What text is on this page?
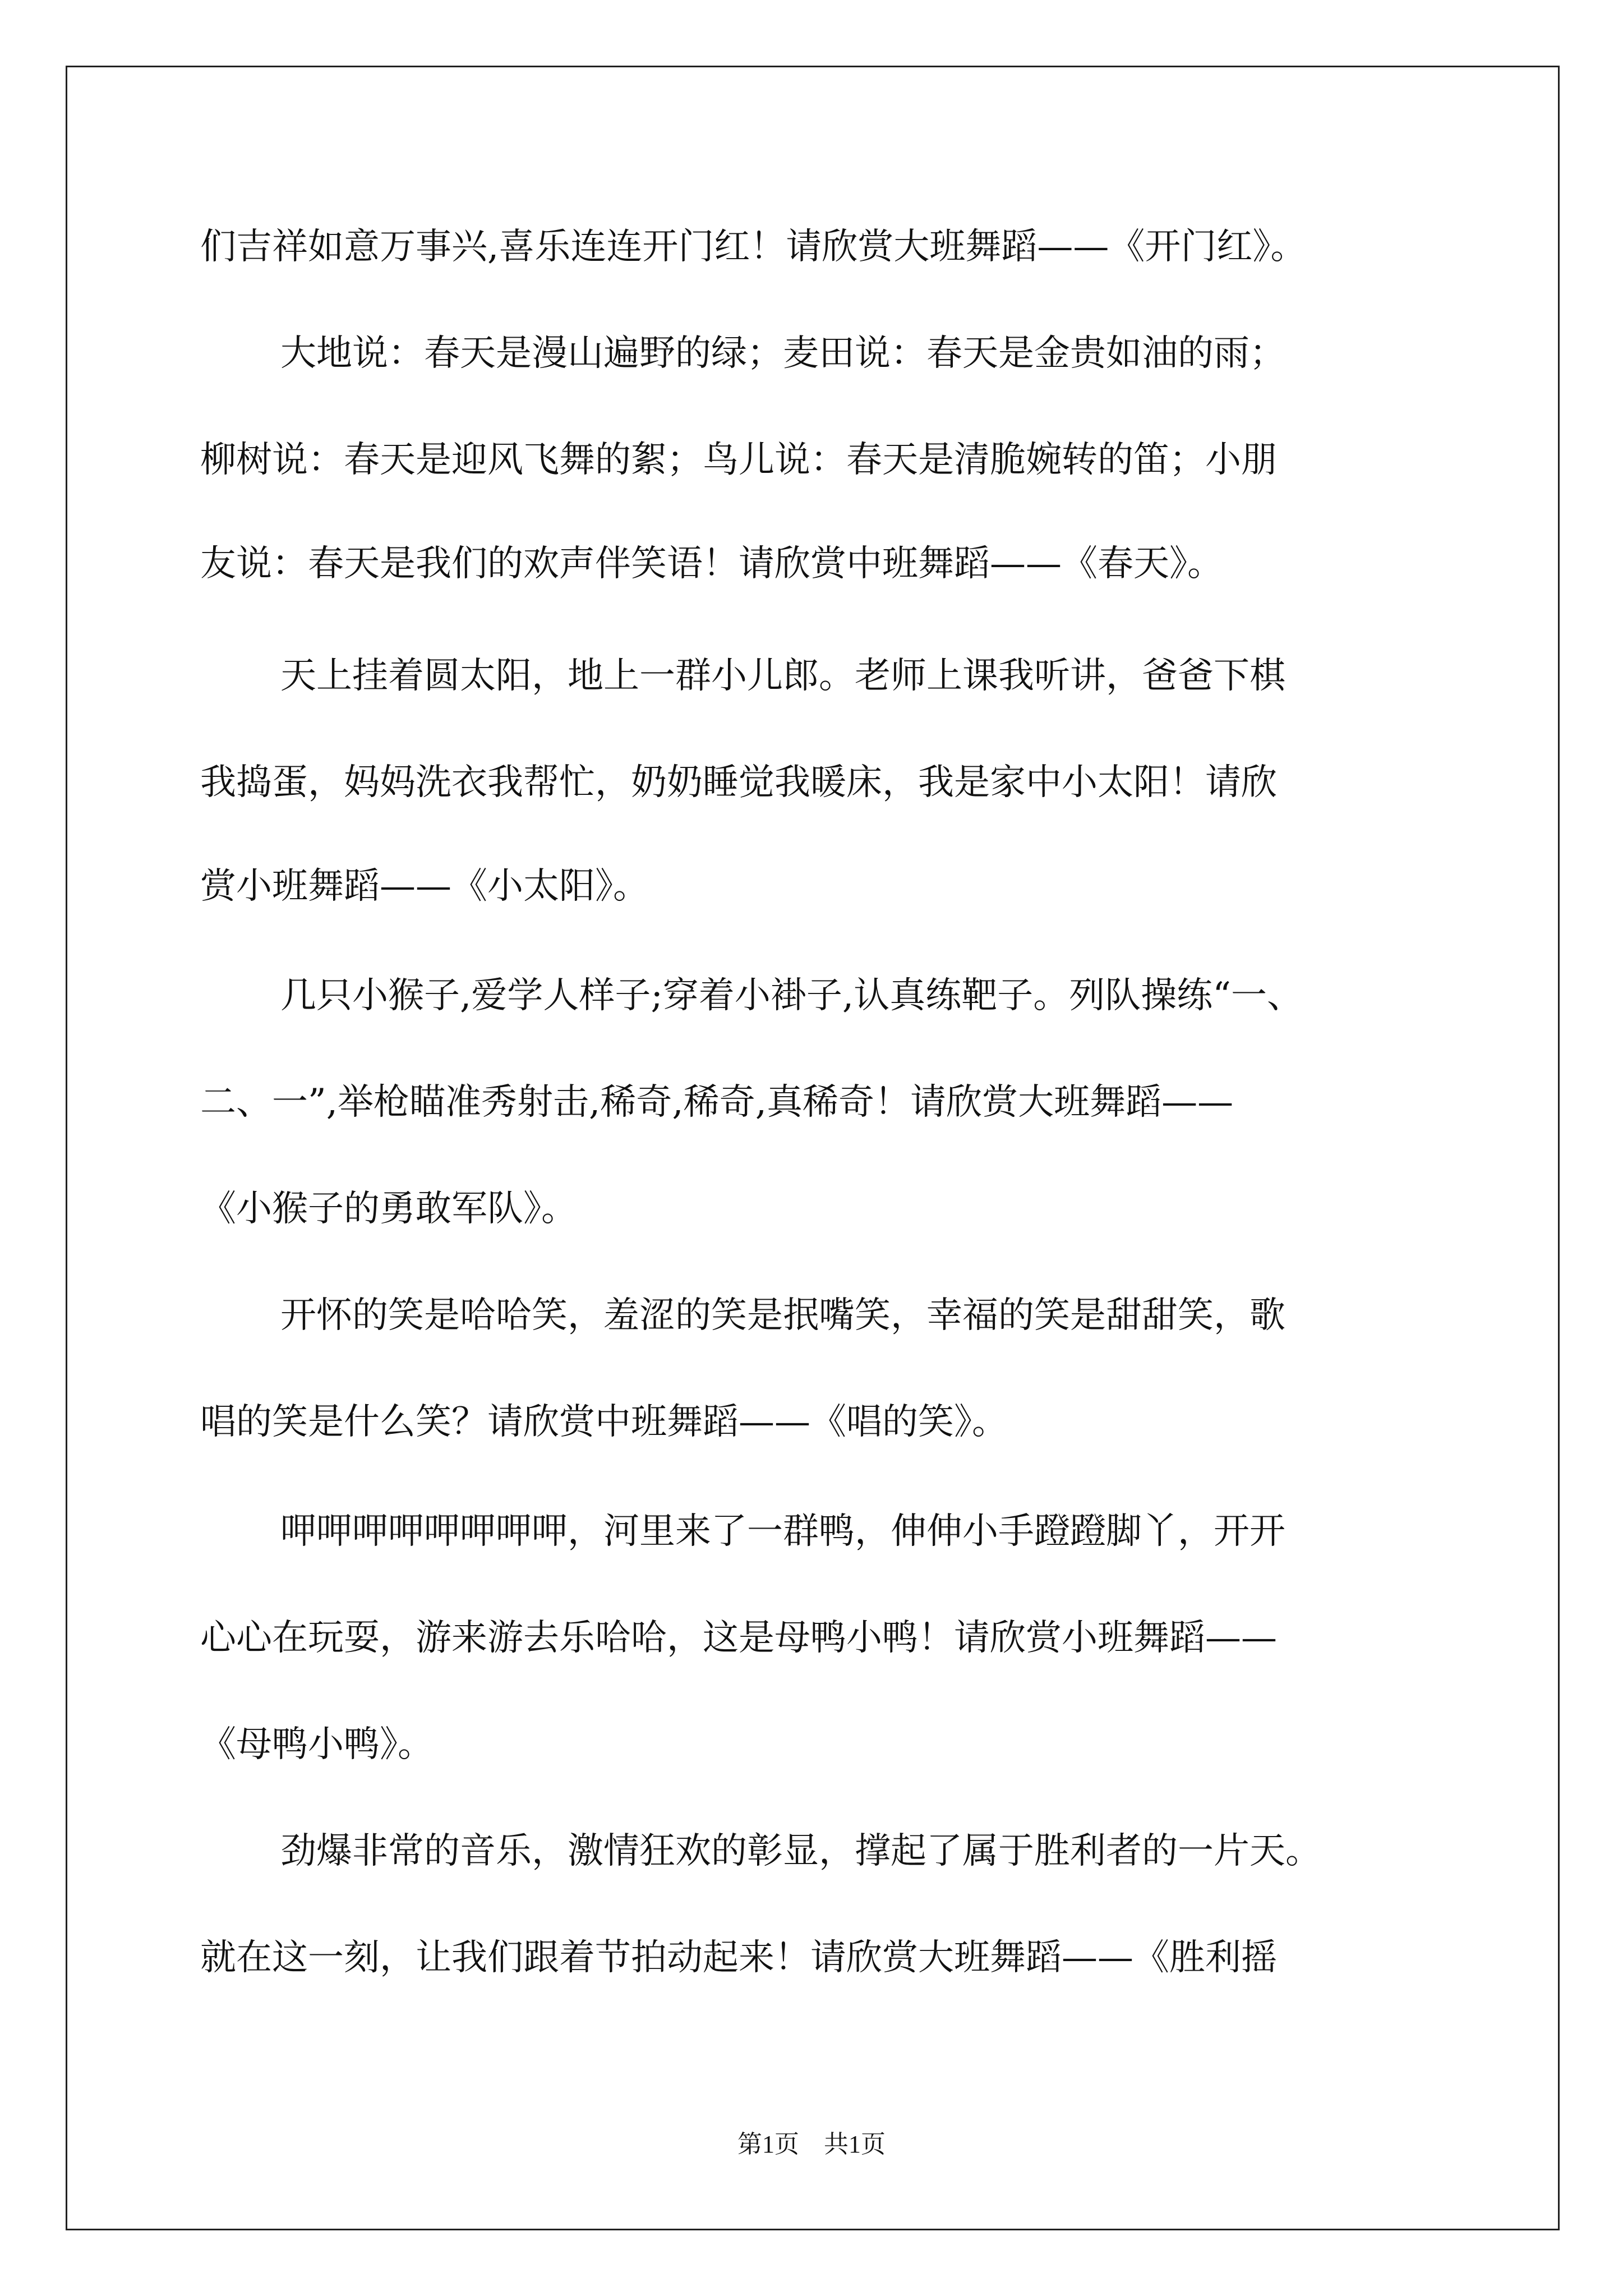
们吉祥如意万事兴,喜乐连连开门红！请欣赏大班舞蹈——《开门红》。
大地说：春天是漫山遍野的绿；麦田说：春天是金贵如油的雨；
柳树说：春天是迎风飞舞的絮；鸟儿说：春天是清脆婉转的笛；小朋
友说：春天是我们的欢声伴笑语！请欣赏中班舞蹈——《春天》。
天上挂着圆太阳，地上一群小儿郎。老师上课我听讲，爸爸下棋
我捣蛋，妈妈洗衣我帮忙，奶奶睡觉我暖床，我是家中小太阳！请欣
赏小班舞蹈——《小太阳》。
几只小猴子,爱学人样子;穿着小褂子,认真练靶子。列队操练“一、
二、一”,举枪瞄准秀射击,稀奇,稀奇,真稀奇！请欣赏大班舞蹈——
《小猴子的勇敢军队》。
开怀的笑是哈哈笑，羞涩的笑是抿嘴笑，幸福的笑是甜甜笑，歌
唱的笑是什么笑？请欣赏中班舞蹈——《唱的笑》。
呷呷呷呷呷呷呷呷，河里来了一群鸭，伸伸小手蹬蹬脚丫，开开
心心在玩耍，游来游去乐哈哈，这是母鸭小鸭！请欣赏小班舞蹈——
《母鸭小鸭》。
劲爆非常的音乐，激情狂欢的彰显，撑起了属于胜利者的一片天。
就在这一刻，让我们跟着节拍动起来！请欣赏大班舞蹈——《胜利摇
第1页　共1页
